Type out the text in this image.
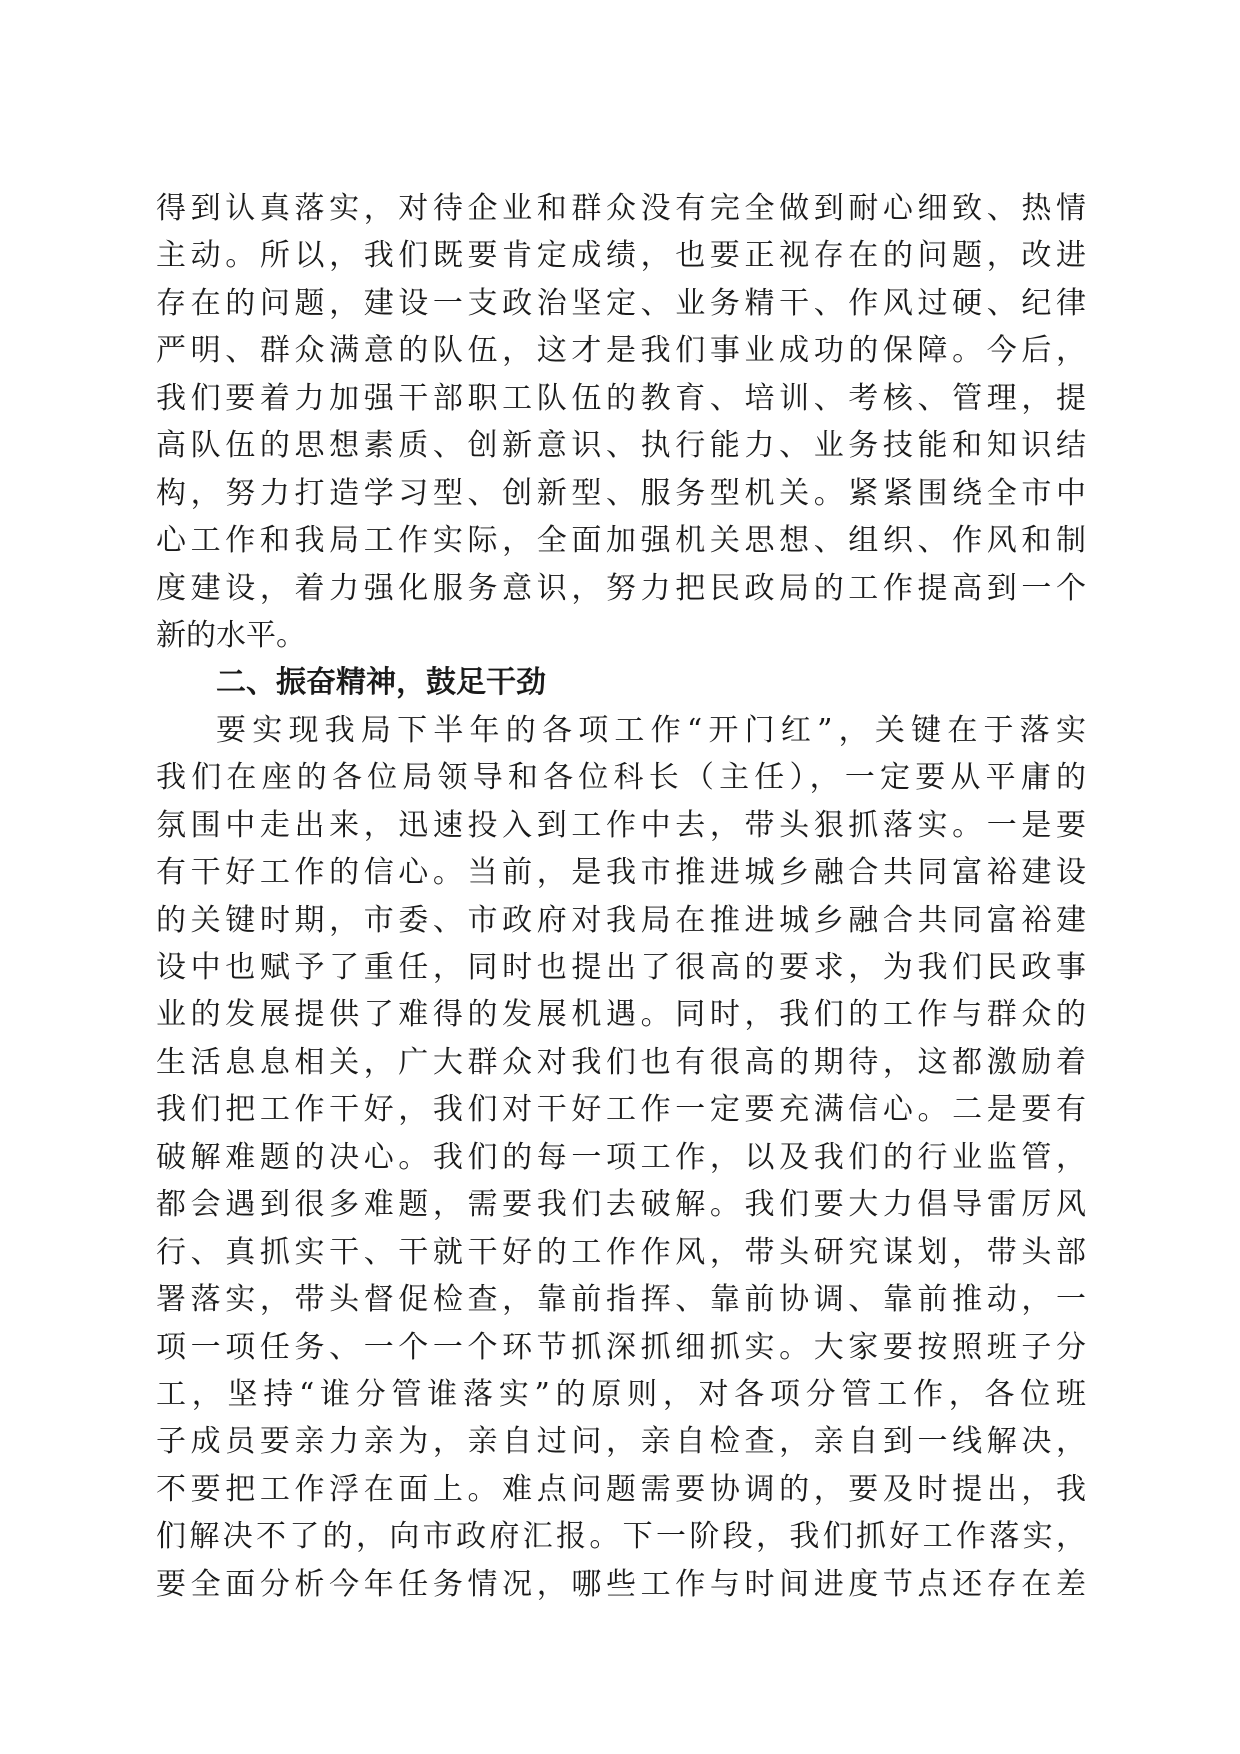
得到认真落实，对待企业和群众没有完全做到耐心细致、热情
主动。所以，我们既要肯定成绩，也要正视存在的问题，改进
存在的问题，建设一支政治坚定、业务精干、作风过硬、纪律
严明、群众满意的队伍，这才是我们事业成功的保障。今后，
我们要着力加强干部职工队伍的教育、培训、考核、管理，提
高队伍的思想素质、创新意识、执行能力、业务技能和知识结
构，努力打造学习型、创新型、服务型机关。紧紧围绕全市中
心工作和我局工作实际，全面加强机关思想、组织、作风和制
度建设，着力强化服务意识，努力把民政局的工作提高到一个
新的水平。
二、振奋精神，鼓足干劲
要实现我局下半年的各项工作“开门红”，关键在于落实
我们在座的各位局领导和各位科长（主任），一定要从平庸的
氛围中走出来，迅速投入到工作中去，带头狠抓落实。一是要
有干好工作的信心。当前，是我市推进城乡融合共同富裕建设
的关键时期，市委、市政府对我局在推进城乡融合共同富裕建
设中也赋予了重任，同时也提出了很高的要求，为我们民政事
业的发展提供了难得的发展机遇。同时，我们的工作与群众的
生活息息相关，广大群众对我们也有很高的期待，这都激励着
我们把工作干好，我们对干好工作一定要充满信心。二是要有
破解难题的决心。我们的每一项工作，以及我们的行业监管，
都会遇到很多难题，需要我们去破解。我们要大力倡导雷厉风
行、真抓实干、干就干好的工作作风，带头研究谋划，带头部
署落实，带头督促检查，靠前指挥、靠前协调、靠前推动，一
项一项任务、一个一个环节抓深抓细抓实。大家要按照班子分
工，坚持“谁分管谁落实”的原则，对各项分管工作，各位班
子成员要亲力亲为，亲自过问，亲自检查，亲自到一线解决，
不要把工作浮在面上。难点问题需要协调的，要及时提出，我
们解决不了的，向市政府汇报。下一阶段，我们抓好工作落实，
要全面分析今年任务情况，哪些工作与时间进度节点还存在差
